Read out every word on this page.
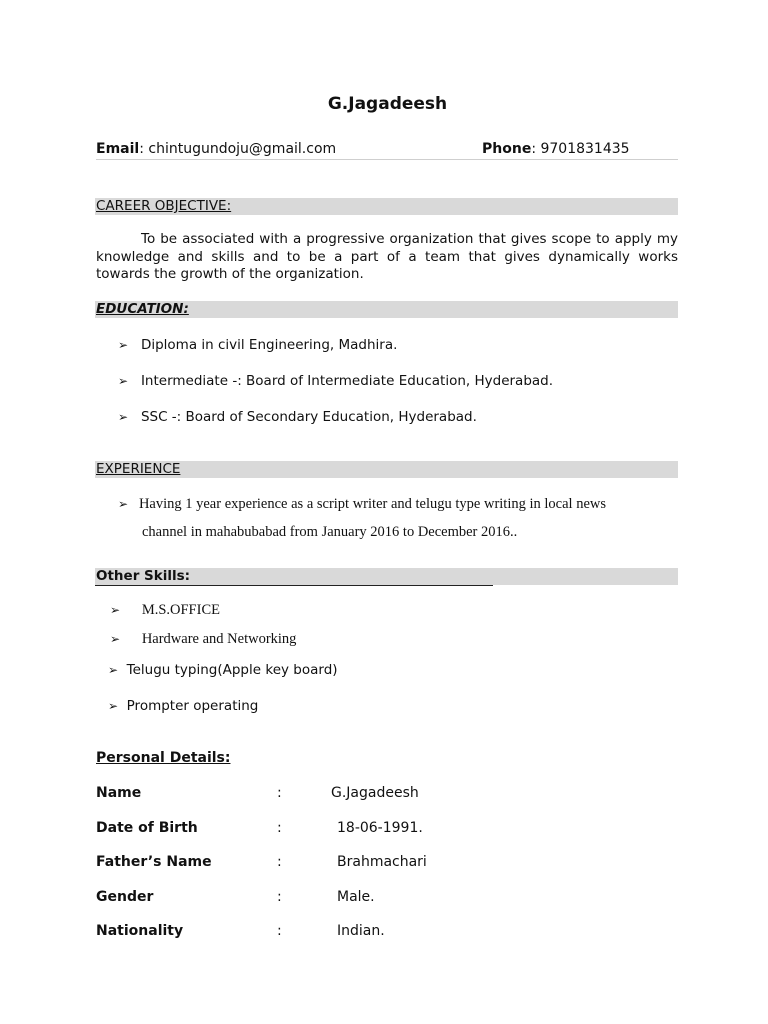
G.Jagadeesh
Email: chintugundoju@gmail.com	Phone: 9701831435
CAREER OBJECTIVE:
To be associated with a progressive organization that gives scope to apply my knowledge and skills and to be a part of a team that gives dynamically works towards the growth of the organization.
EDUCATION:
➢ Diploma in civil Engineering, Madhira.
➢ Intermediate -: Board of Intermediate Education, Hyderabad.
➢ SSC -: Board of Secondary Education, Hyderabad.
EXPERIENCE
➢ Having 1 year experience as a script writer and telugu type writing in local news
channel in mahabubabad from January 2016 to December 2016..
Other Skills:
➢ M.S.OFFICE
➢ Hardware and Networking
➢ Telugu typing(Apple key board)
➢ Prompter operating
Personal Details:
Name	:	G.Jagadeesh
Date of Birth	:	18-06-1991.
Father’s Name	:	Brahmachari
Gender	:	Male.
Nationality	:	Indian.
